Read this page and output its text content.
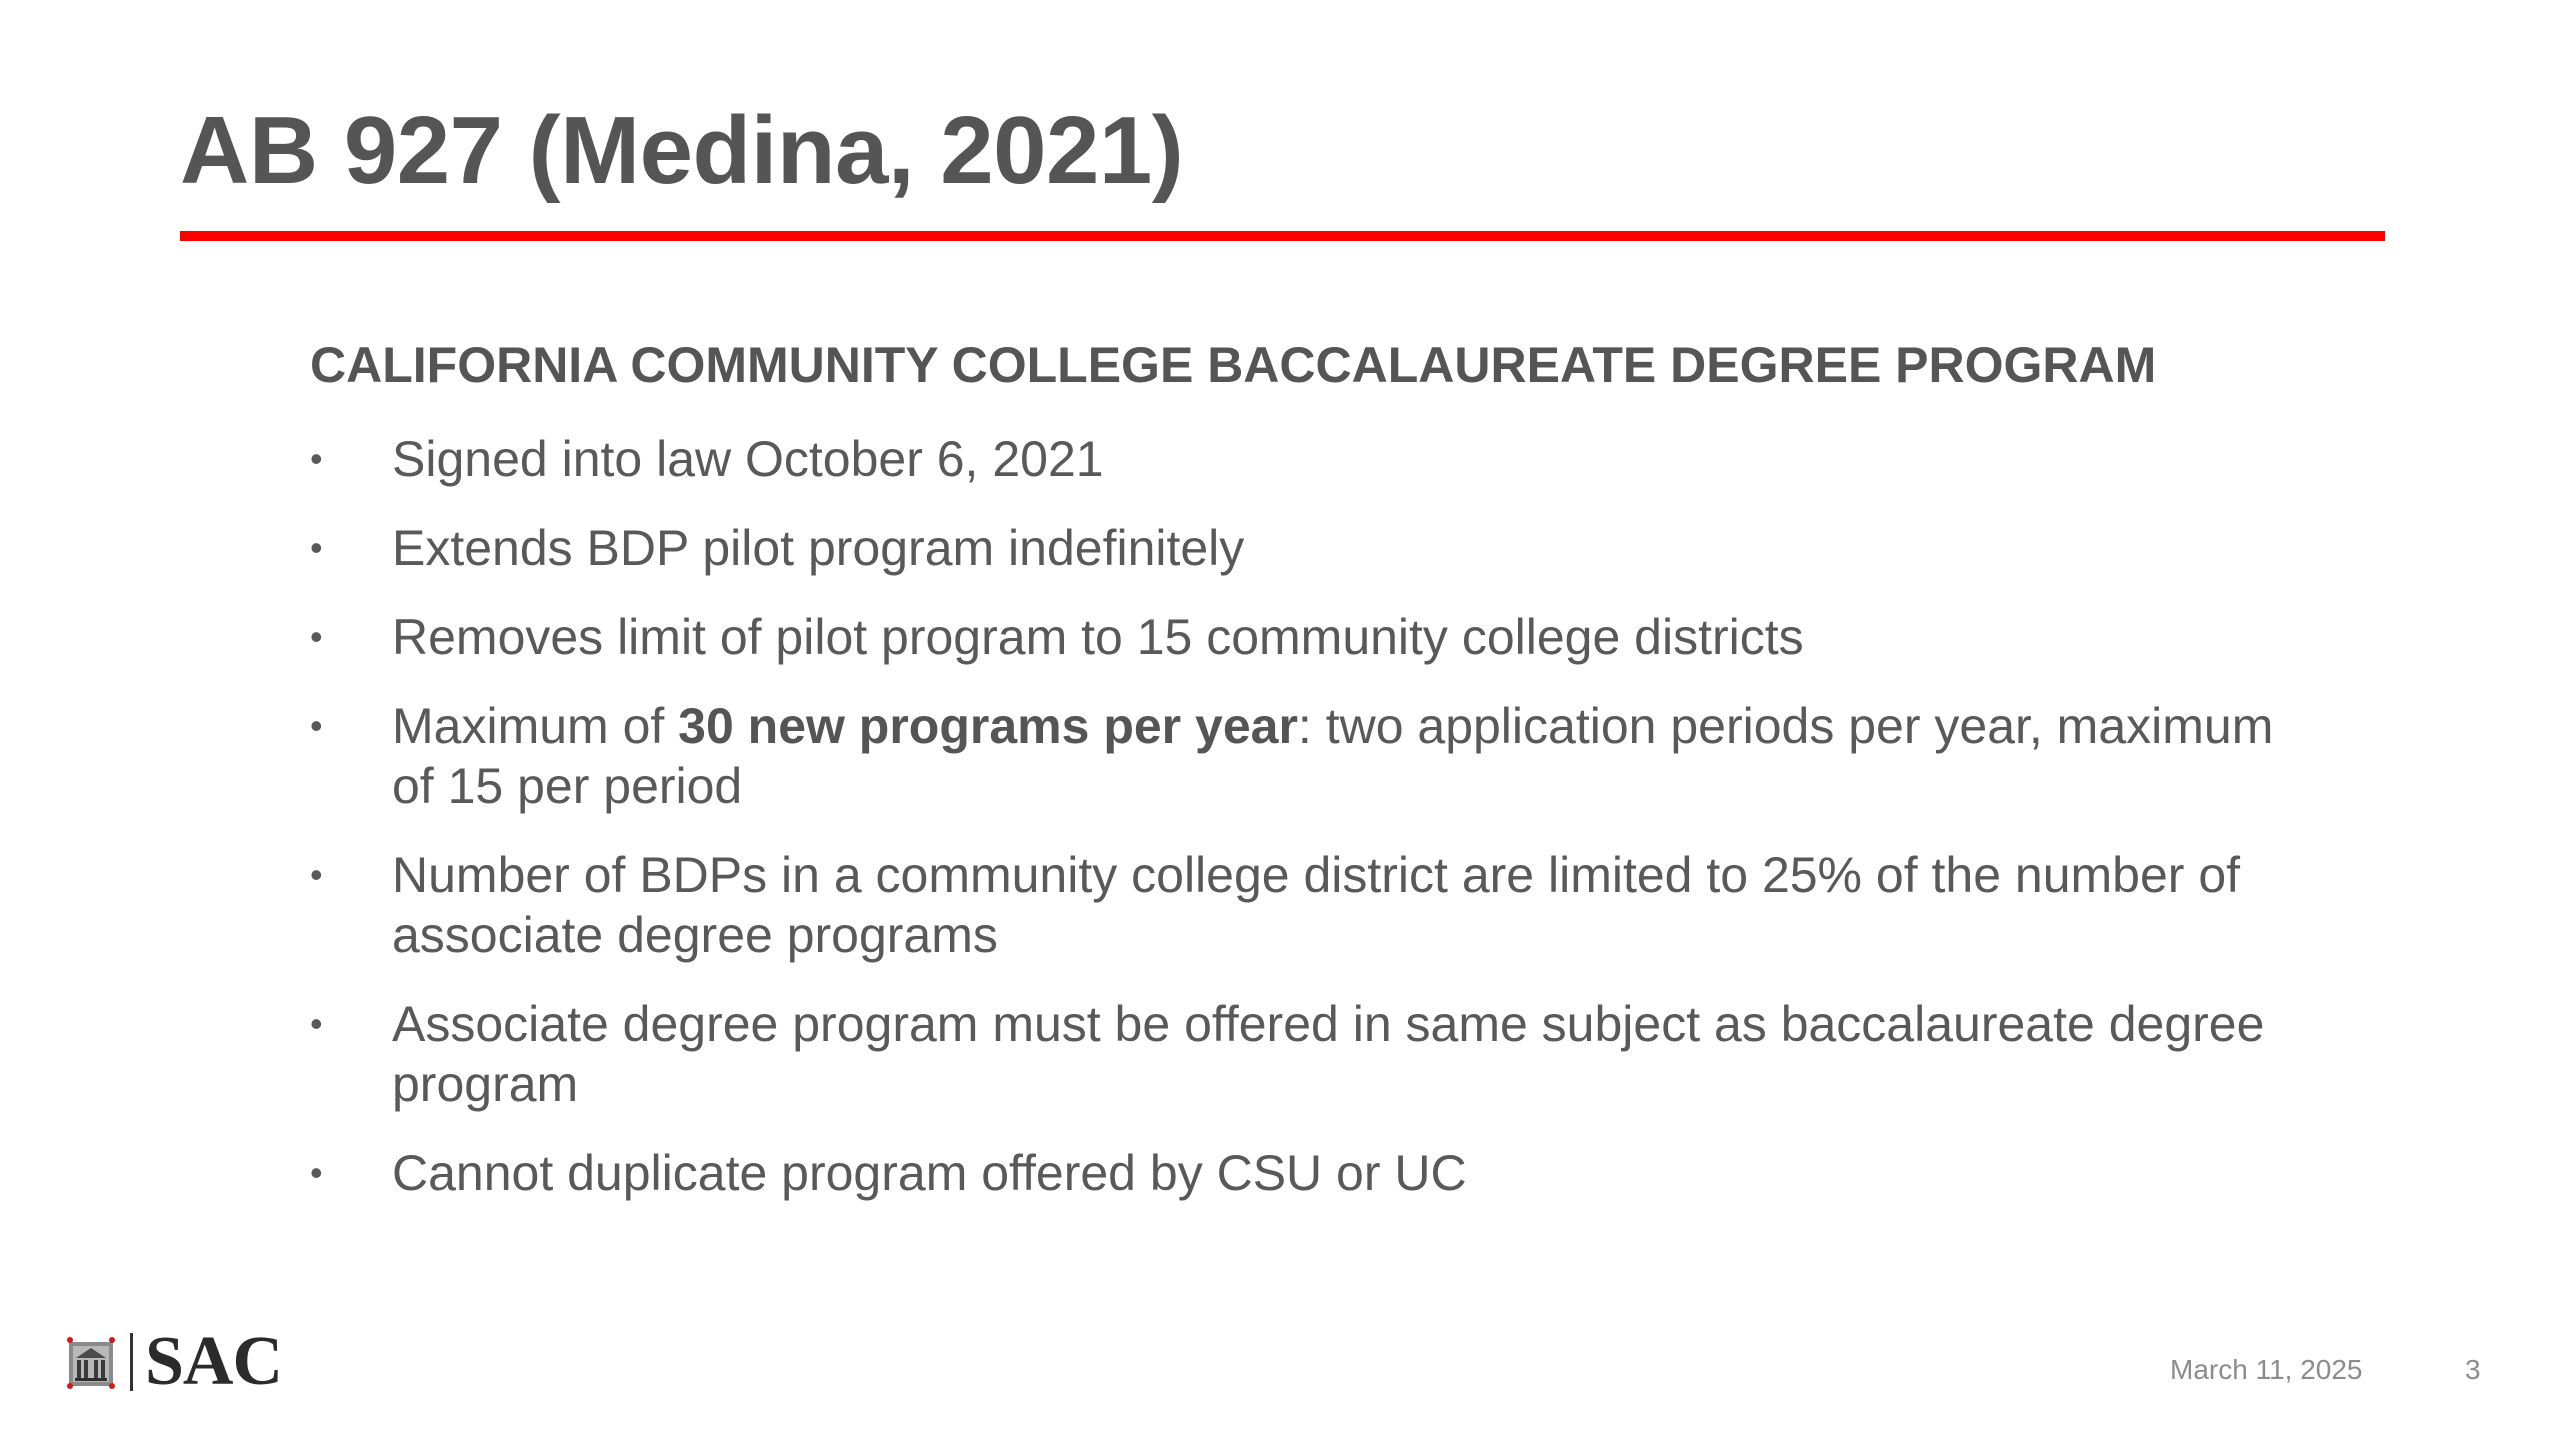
AB 927 (Medina, 2021)
CALIFORNIA COMMUNITY COLLEGE BACCALAUREATE DEGREE PROGRAM
• Signed into law October 6, 2021
• Extends BDP pilot program indefinitely
• Removes limit of pilot program to 15 community college districts
• Maximum of 30 new programs per year: two application periods per year, maximum of 15 per period
• Number of BDPs in a community college district are limited to 25% of the number of associate degree programs
• Associate degree program must be offered in same subject as baccalaureate degree program
• Cannot duplicate program offered by CSU or UC
SAC	March 11, 2025	3
